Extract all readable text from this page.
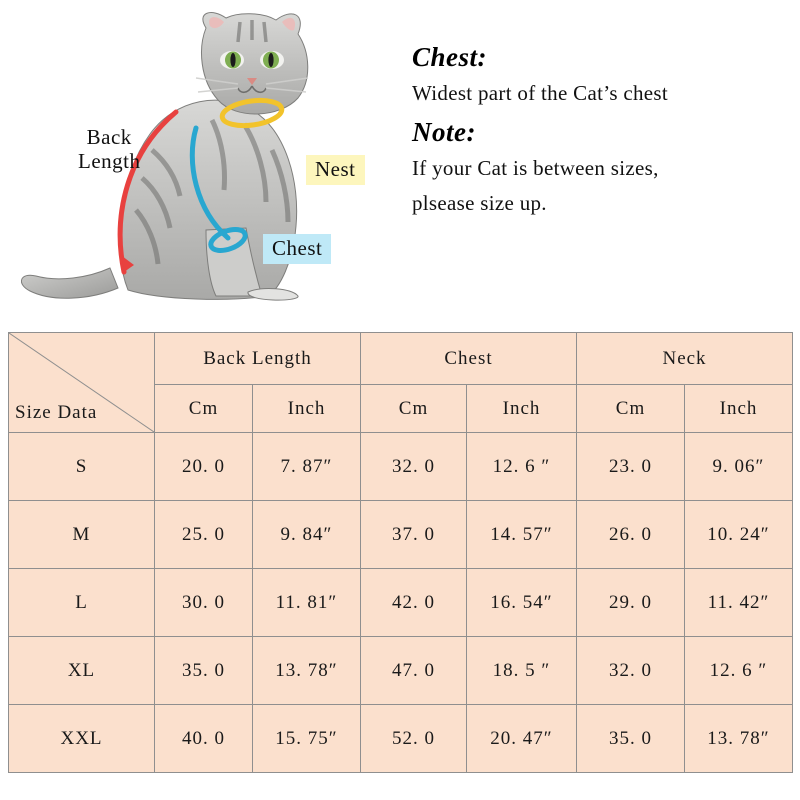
Back
Length	Nest
Chest

Chest:

Widest part of the Cat’s chest

Note:

If your Cat is between sizes,

plsease size up.

Size Data	Back Length		Chest		Neck	
	Cm	Inch	Cm	Inch	Cm	Inch
S	20. 0	7. 87″	32. 0	12. 6 ″	23. 0	9. 06″
M	25. 0	9. 84″	37. 0	14. 57″	26. 0	10. 24″
L	30. 0	11. 81″	42. 0	16. 54″	29. 0	11. 42″
XL	35. 0	13. 78″	47. 0	18. 5 ″	32. 0	12. 6 ″
XXL	40. 0	15. 75″	52. 0	20. 47″	35. 0	13. 78″
